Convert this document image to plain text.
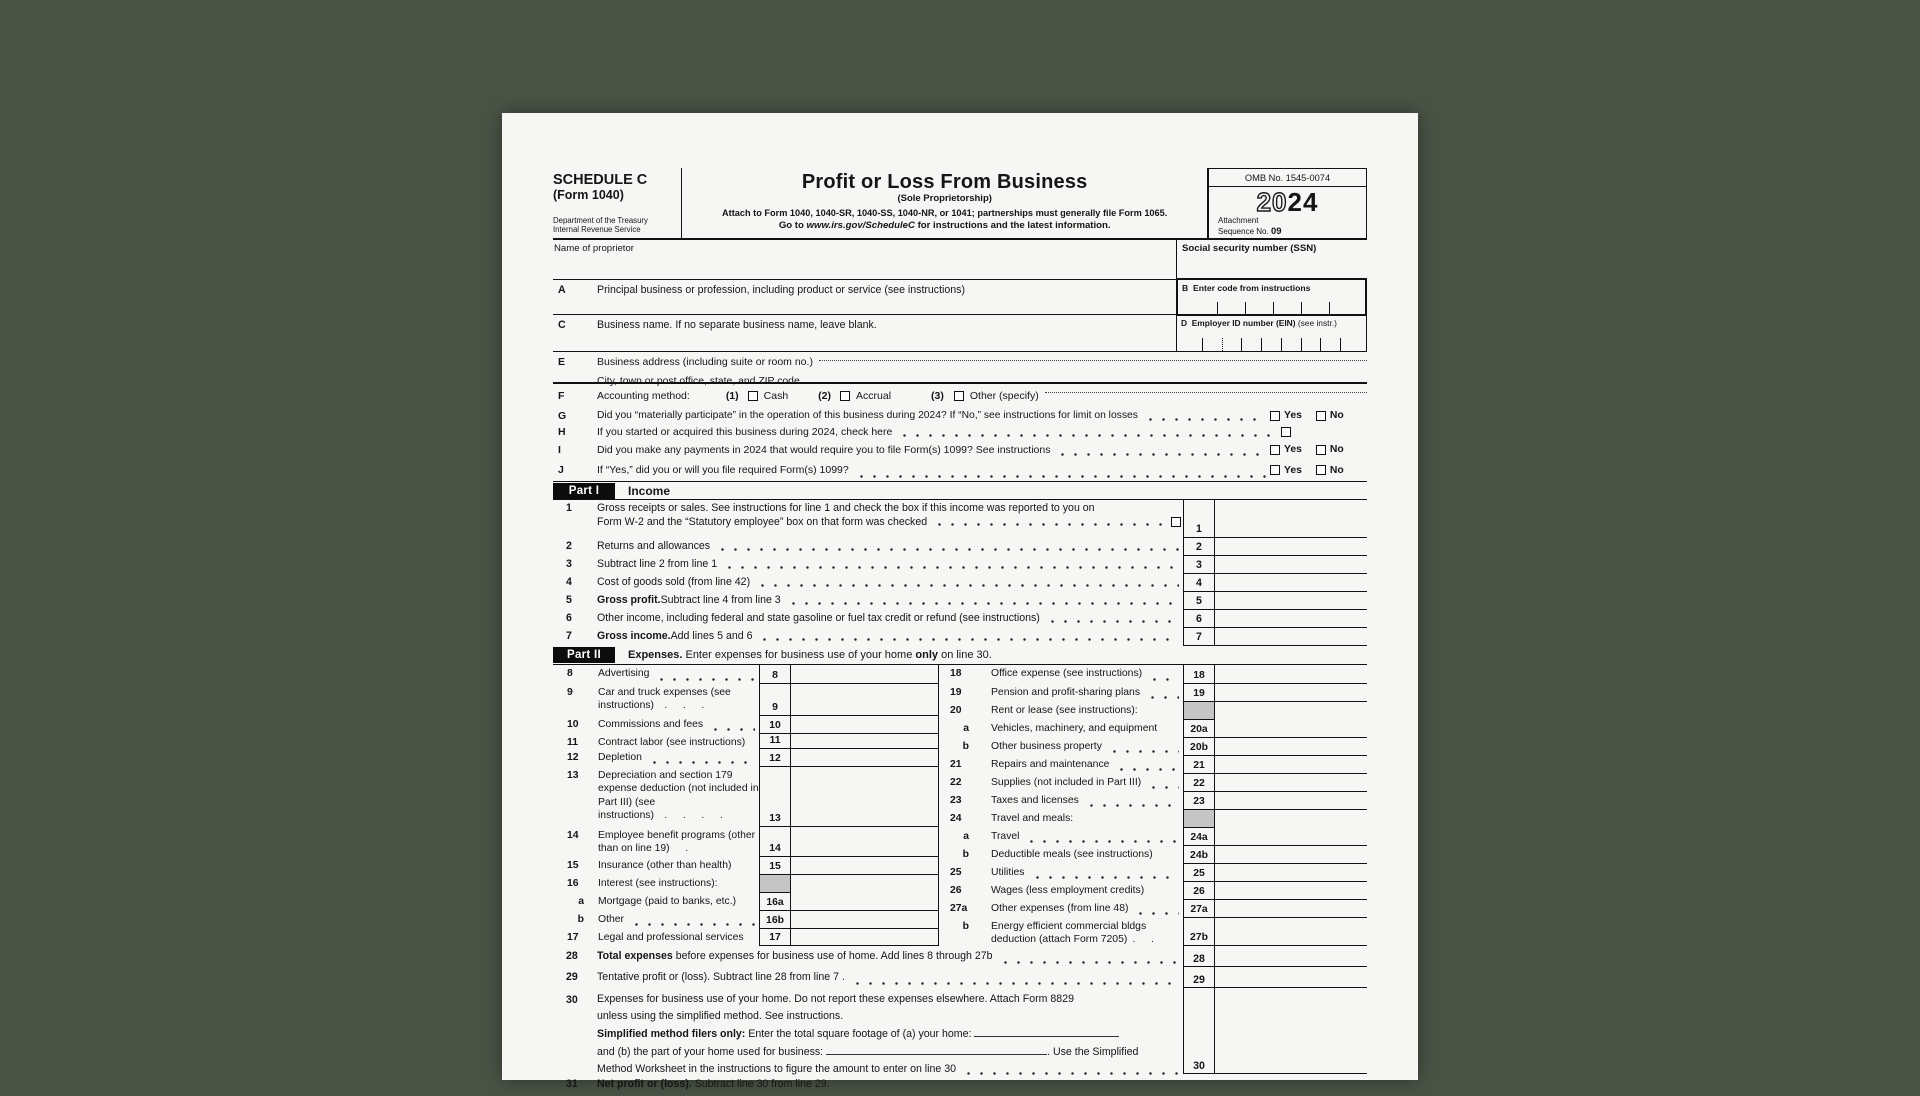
SCHEDULE C
(Form 1040)
Department of the Treasury
Internal Revenue Service
Profit or Loss From Business
(Sole Proprietorship)
Attach to Form 1040, 1040-SR, 1040-SS, 1040-NR, or 1041; partnerships must generally file Form 1065.
Go to www.irs.gov/ScheduleC for instructions and the latest information.
OMB No. 1545-0074
2024
Attachment
Sequence No. 09
Name of proprietor	Social security number (SSN)
A	Principal business or profession, including product or service (see instructions)	B Enter code from instructions
C	Business name. If no separate business name, leave blank.	D Employer ID number (EIN) (see instr.)
E	Business address (including suite or room no.)
City, town or post office, state, and ZIP code
F	Accounting method:	(1) Cash	(2) Accrual	(3) Other (specify)
G	Did you “materially participate” in the operation of this business during 2024? If “No,” see instructions for limit on losses	Yes	No
H	If you started or acquired this business during 2024, check here
I	Did you make any payments in 2024 that would require you to file Form(s) 1099? See instructions	Yes	No
J	If “Yes,” did you or will you file required Form(s) 1099?	Yes	No
Part I	Income
1	Gross receipts or sales. See instructions for line 1 and check the box if this income was reported to you on
Form W-2 and the “Statutory employee” box on that form was checked
1
2	Returns and allowances	2
3	Subtract line 2 from line 1	3
4	Cost of goods sold (from line 42)	4
5	Gross profit. Subtract line 4 from line 3	5
6	Other income, including federal and state gasoline or fuel tax credit or refund (see instructions)	6
7	Gross income. Add lines 5 and 6	7
Part II	Expenses. Enter expenses for business use of your home only on line 30.
8	Advertising	8
9	Car and truck expenses (see instructions)  .   .   .	9
10	Commissions and fees	10
11	Contract labor (see instructions)	11
12	Depletion	12
13	Depreciation and section 179 expense deduction (not included in Part III) (see instructions)  .   .   .   .	13
14	Employee benefit programs (other than on line 19)   .	14
15	Insurance (other than health)	15
16	Interest (see instructions):
a	Mortgage (paid to banks, etc.)	16a
b	Other	16b
17	Legal and professional services	17
18	Office expense (see instructions)	18
19	Pension and profit-sharing plans	19
20	Rent or lease (see instructions):
a	Vehicles, machinery, and equipment	20a
b	Other business property	20b
21	Repairs and maintenance	21
22	Supplies (not included in Part III)	22
23	Taxes and licenses	23
24	Travel and meals:
a	Travel	24a
b	Deductible meals (see instructions)	24b
25	Utilities	25
26	Wages (less employment credits)	26
27a	Other expenses (from line 48)	27a
b	Energy efficient commercial bldgs deduction (attach Form 7205) .   .	27b
28	Total expenses before expenses for business use of home. Add lines 8 through 27b	28
29	Tentative profit or (loss). Subtract line 28 from line 7 .	29
30	Expenses for business use of your home. Do not report these expenses elsewhere. Attach Form 8829
unless using the simplified method. See instructions.
Simplified method filers only: Enter the total square footage of (a) your home:
and (b) the part of your home used for business:	. Use the Simplified
Method Worksheet in the instructions to figure the amount to enter on line 30	30
31	Net profit or (loss). Subtract line 30 from line 29.
